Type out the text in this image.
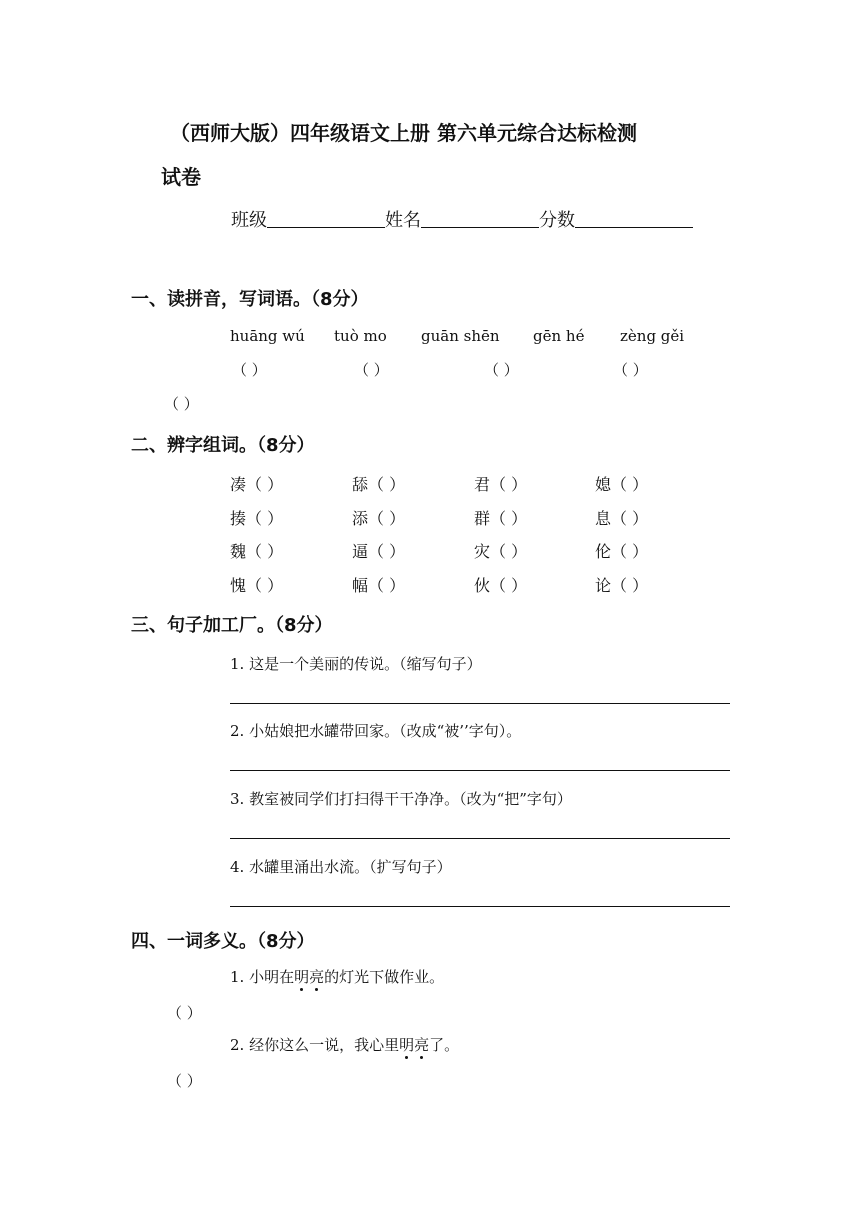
（西师大版）四年级语文上册 第六单元综合达标检测
试卷
班级	姓名	分数
一、读拼音，写词语。（8分）
huāng wú tuò mo guān shēn gēn hé zèng gěi
（ ）	（ ）	（ ）	（ ）
（ ）
二、辨字组词。（8分）
凑（ ）	舔（ ）	君（ ）	媳（ ）
揍（ ）	添（ ）	群（ ）	息（ ）
魏（ ）	逼（ ）	灾（ ）	伦（ ）
愧（ ）	幅（ ）	伙（ ）	论（ ）
三、句子加工厂。（8分）
1. 这是一个美丽的传说。（缩写句子）
2. 小姑娘把水罐带回家。（改成“被’’字句）。
3. 教室被同学们打扫得干干净净。（改为“把”字句）
4. 水罐里涌出水流。（扩写句子）
四、一词多义。（8分）
1. 小明在明亮的灯光下做作业。
（ ）
2. 经你这么一说，我心里明亮了。
（ ）
